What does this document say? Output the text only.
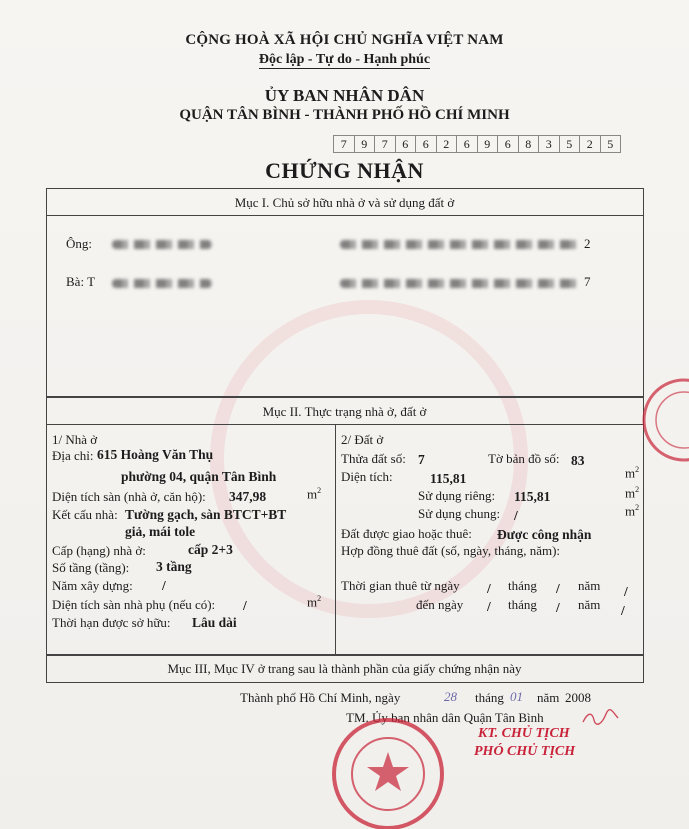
CỘNG HOÀ XÃ HỘI CHỦ NGHĨA VIỆT NAM
Độc lập - Tự do - Hạnh phúc
ỦY BAN NHÂN DÂN
QUẬN TÂN BÌNH - THÀNH PHỐ HỒ CHÍ MINH
7	9	7	6	6	2	6	9	6	8	3	5	2	5
CHỨNG NHẬN
Mục I. Chủ sở hữu nhà ở và sử dụng đất ở
Ông:	2
Bà: T	7
Mục II. Thực trạng nhà ở, đất ở
1/ Nhà ở
Địa chỉ: 615 Hoàng Văn Thụ
phường 04, quận Tân Bình
Diện tích sàn (nhà ở, căn hộ): 347,98	$m^2$
Kết cấu nhà: Tường gạch, sàn BTCT+BT
giả, mái tole
Cấp (hạng) nhà ở:	cấp 2+3
Số tầng (tầng): 3 tầng
Năm xây dựng: /
Diện tích sàn nhà phụ (nếu có): /	$m^2$
Thời hạn được sở hữu: Lâu dài
2/ Đất ở
Thửa đất số: 7	Tờ bản đồ số: 83
Diện tích:	115,81	$m^2$
Sử dụng riêng: 115,81	$m^2$
Sử dụng chung: /	$m^2$
Đất được giao hoặc thuê: Được công nhận
Hợp đồng thuê đất (số, ngày, tháng, năm):
Thời gian thuê từ ngày / tháng / năm /
đến ngày / tháng / năm /
Mục III, Mục IV ở trang sau là thành phần của giấy chứng nhận này
Thành phố Hồ Chí Minh, ngày	28 tháng 01 năm 2008
TM. Ủy ban nhân dân Quận Tân Bình
KT. CHỦ TỊCH
PHÓ CHỦ TỊCH
